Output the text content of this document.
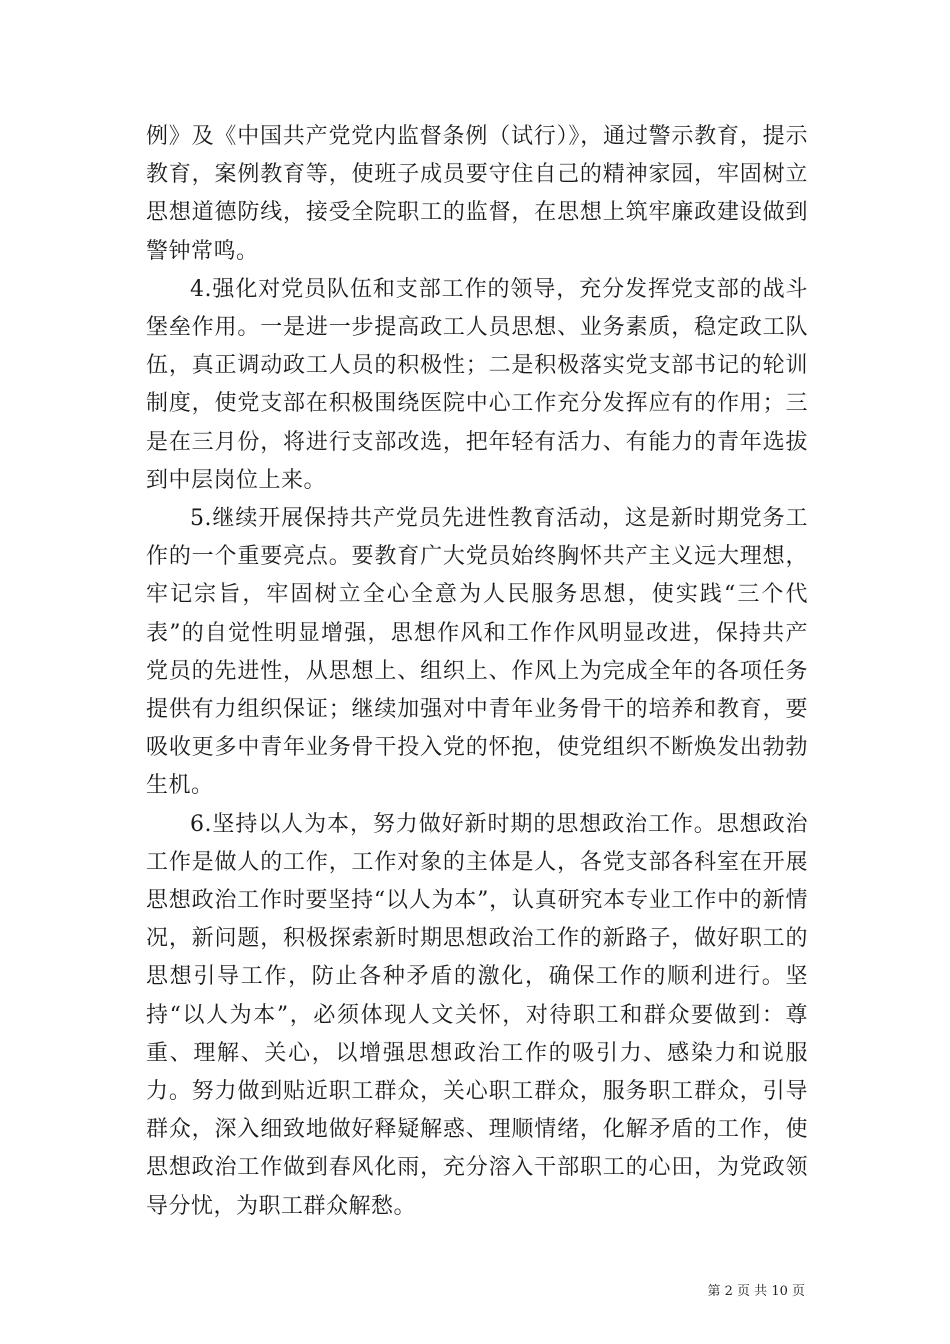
例》及《中国共产党党内监督条例（试行）》，通过警示教育，提示教育，案例教育等，使班子成员要守住自己的精神家园，牢固树立思想道德防线，接受全院职工的监督，在思想上筑牢廉政建设做到警钟常鸣。

4.强化对党员队伍和支部工作的领导，充分发挥党支部的战斗堡垒作用。一是进一步提高政工人员思想、业务素质，稳定政工队伍，真正调动政工人员的积极性；二是积极落实党支部书记的轮训制度，使党支部在积极围绕医院中心工作充分发挥应有的作用；三是在三月份，将进行支部改选，把年轻有活力、有能力的青年选拔到中层岗位上来。

5.继续开展保持共产党员先进性教育活动，这是新时期党务工作的一个重要亮点。要教育广大党员始终胸怀共产主义远大理想，牢记宗旨，牢固树立全心全意为人民服务思想，使实践“三个代表”的自觉性明显增强，思想作风和工作作风明显改进，保持共产党员的先进性，从思想上、组织上、作风上为完成全年的各项任务提供有力组织保证；继续加强对中青年业务骨干的培养和教育，要吸收更多中青年业务骨干投入党的怀抱，使党组织不断焕发出勃勃生机。

6.坚持以人为本，努力做好新时期的思想政治工作。思想政治工作是做人的工作，工作对象的主体是人，各党支部各科室在开展思想政治工作时要坚持“以人为本”，认真研究本专业工作中的新情况，新问题，积极探索新时期思想政治工作的新路子，做好职工的思想引导工作，防止各种矛盾的激化，确保工作的顺利进行。坚持“以人为本”，必须体现人文关怀，对待职工和群众要做到：尊重、理解、关心，以增强思想政治工作的吸引力、感染力和说服力。努力做到贴近职工群众，关心职工群众，服务职工群众，引导群众，深入细致地做好释疑解惑、理顺情绪，化解矛盾的工作，使思想政治工作做到春风化雨，充分溶入干部职工的心田，为党政领导分忧，为职工群众解愁。

第 2 页 共 10 页
